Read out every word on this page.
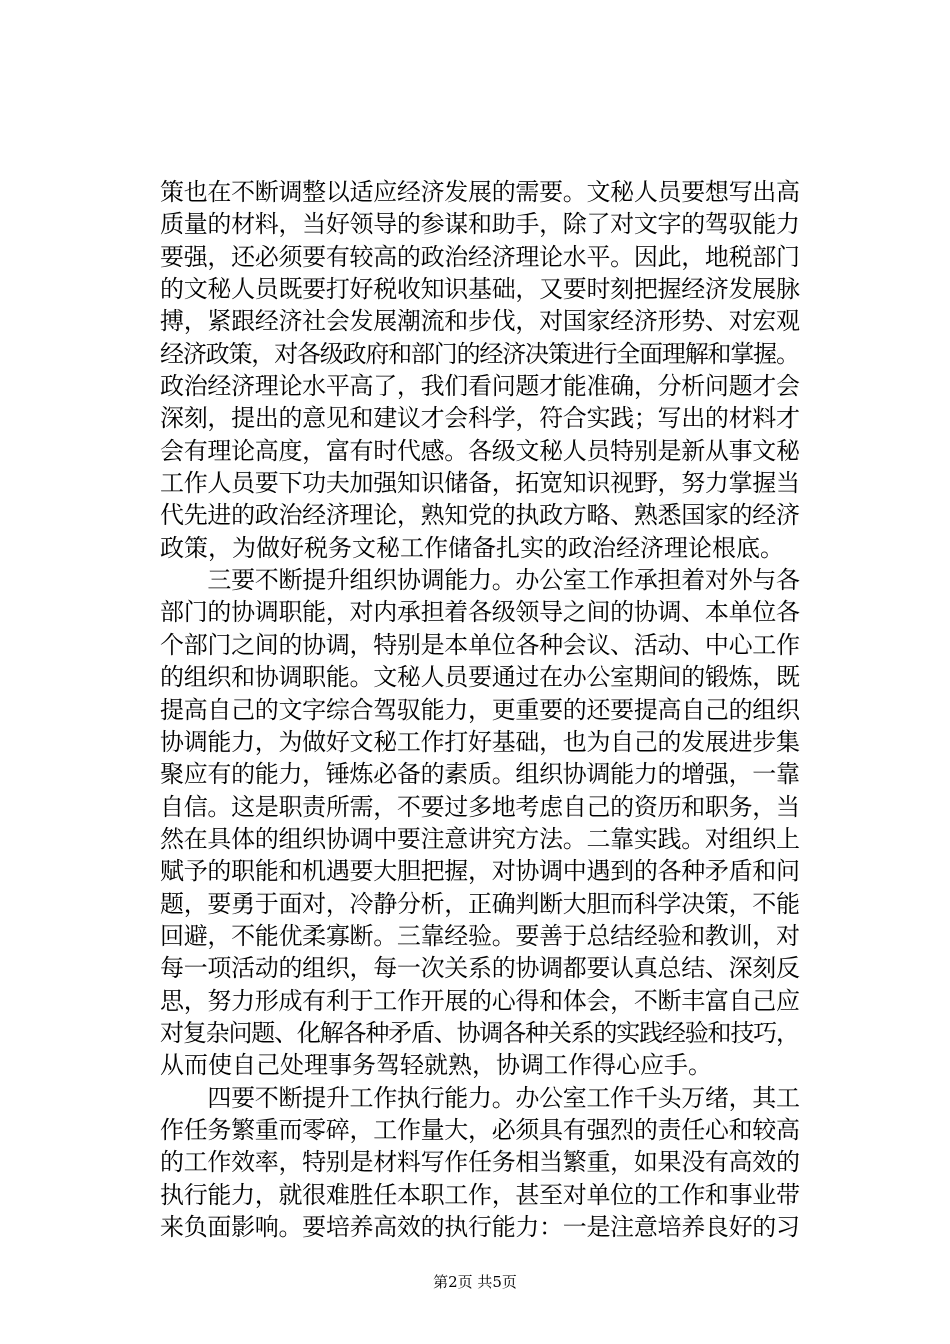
策也在不断调整以适应经济发展的需要。文秘人员要想写出高
质量的材料，当好领导的参谋和助手，除了对文字的驾驭能力
要强，还必须要有较高的政治经济理论水平。因此，地税部门
的文秘人员既要打好税收知识基础，又要时刻把握经济发展脉
搏，紧跟经济社会发展潮流和步伐，对国家经济形势、对宏观
经济政策，对各级政府和部门的经济决策进行全面理解和掌握。
政治经济理论水平高了，我们看问题才能准确，分析问题才会
深刻，提出的意见和建议才会科学，符合实践；写出的材料才
会有理论高度，富有时代感。各级文秘人员特别是新从事文秘
工作人员要下功夫加强知识储备，拓宽知识视野，努力掌握当
代先进的政治经济理论，熟知党的执政方略、熟悉国家的经济
政策，为做好税务文秘工作储备扎实的政治经济理论根底。
　　三要不断提升组织协调能力。办公室工作承担着对外与各
部门的协调职能，对内承担着各级领导之间的协调、本单位各
个部门之间的协调，特别是本单位各种会议、活动、中心工作
的组织和协调职能。文秘人员要通过在办公室期间的锻炼，既
提高自己的文字综合驾驭能力，更重要的还要提高自己的组织
协调能力，为做好文秘工作打好基础，也为自己的发展进步集
聚应有的能力，锤炼必备的素质。组织协调能力的增强，一靠
自信。这是职责所需，不要过多地考虑自己的资历和职务，当
然在具体的组织协调中要注意讲究方法。二靠实践。对组织上
赋予的职能和机遇要大胆把握，对协调中遇到的各种矛盾和问
题，要勇于面对，冷静分析，正确判断大胆而科学决策，不能
回避，不能优柔寡断。三靠经验。要善于总结经验和教训，对
每一项活动的组织，每一次关系的协调都要认真总结、深刻反
思，努力形成有利于工作开展的心得和体会，不断丰富自己应
对复杂问题、化解各种矛盾、协调各种关系的实践经验和技巧，
从而使自己处理事务驾轻就熟，协调工作得心应手。
　　四要不断提升工作执行能力。办公室工作千头万绪，其工
作任务繁重而零碎，工作量大，必须具有强烈的责任心和较高
的工作效率，特别是材料写作任务相当繁重，如果没有高效的
执行能力，就很难胜任本职工作，甚至对单位的工作和事业带
来负面影响。要培养高效的执行能力：一是注意培养良好的习
第2页 共5页
